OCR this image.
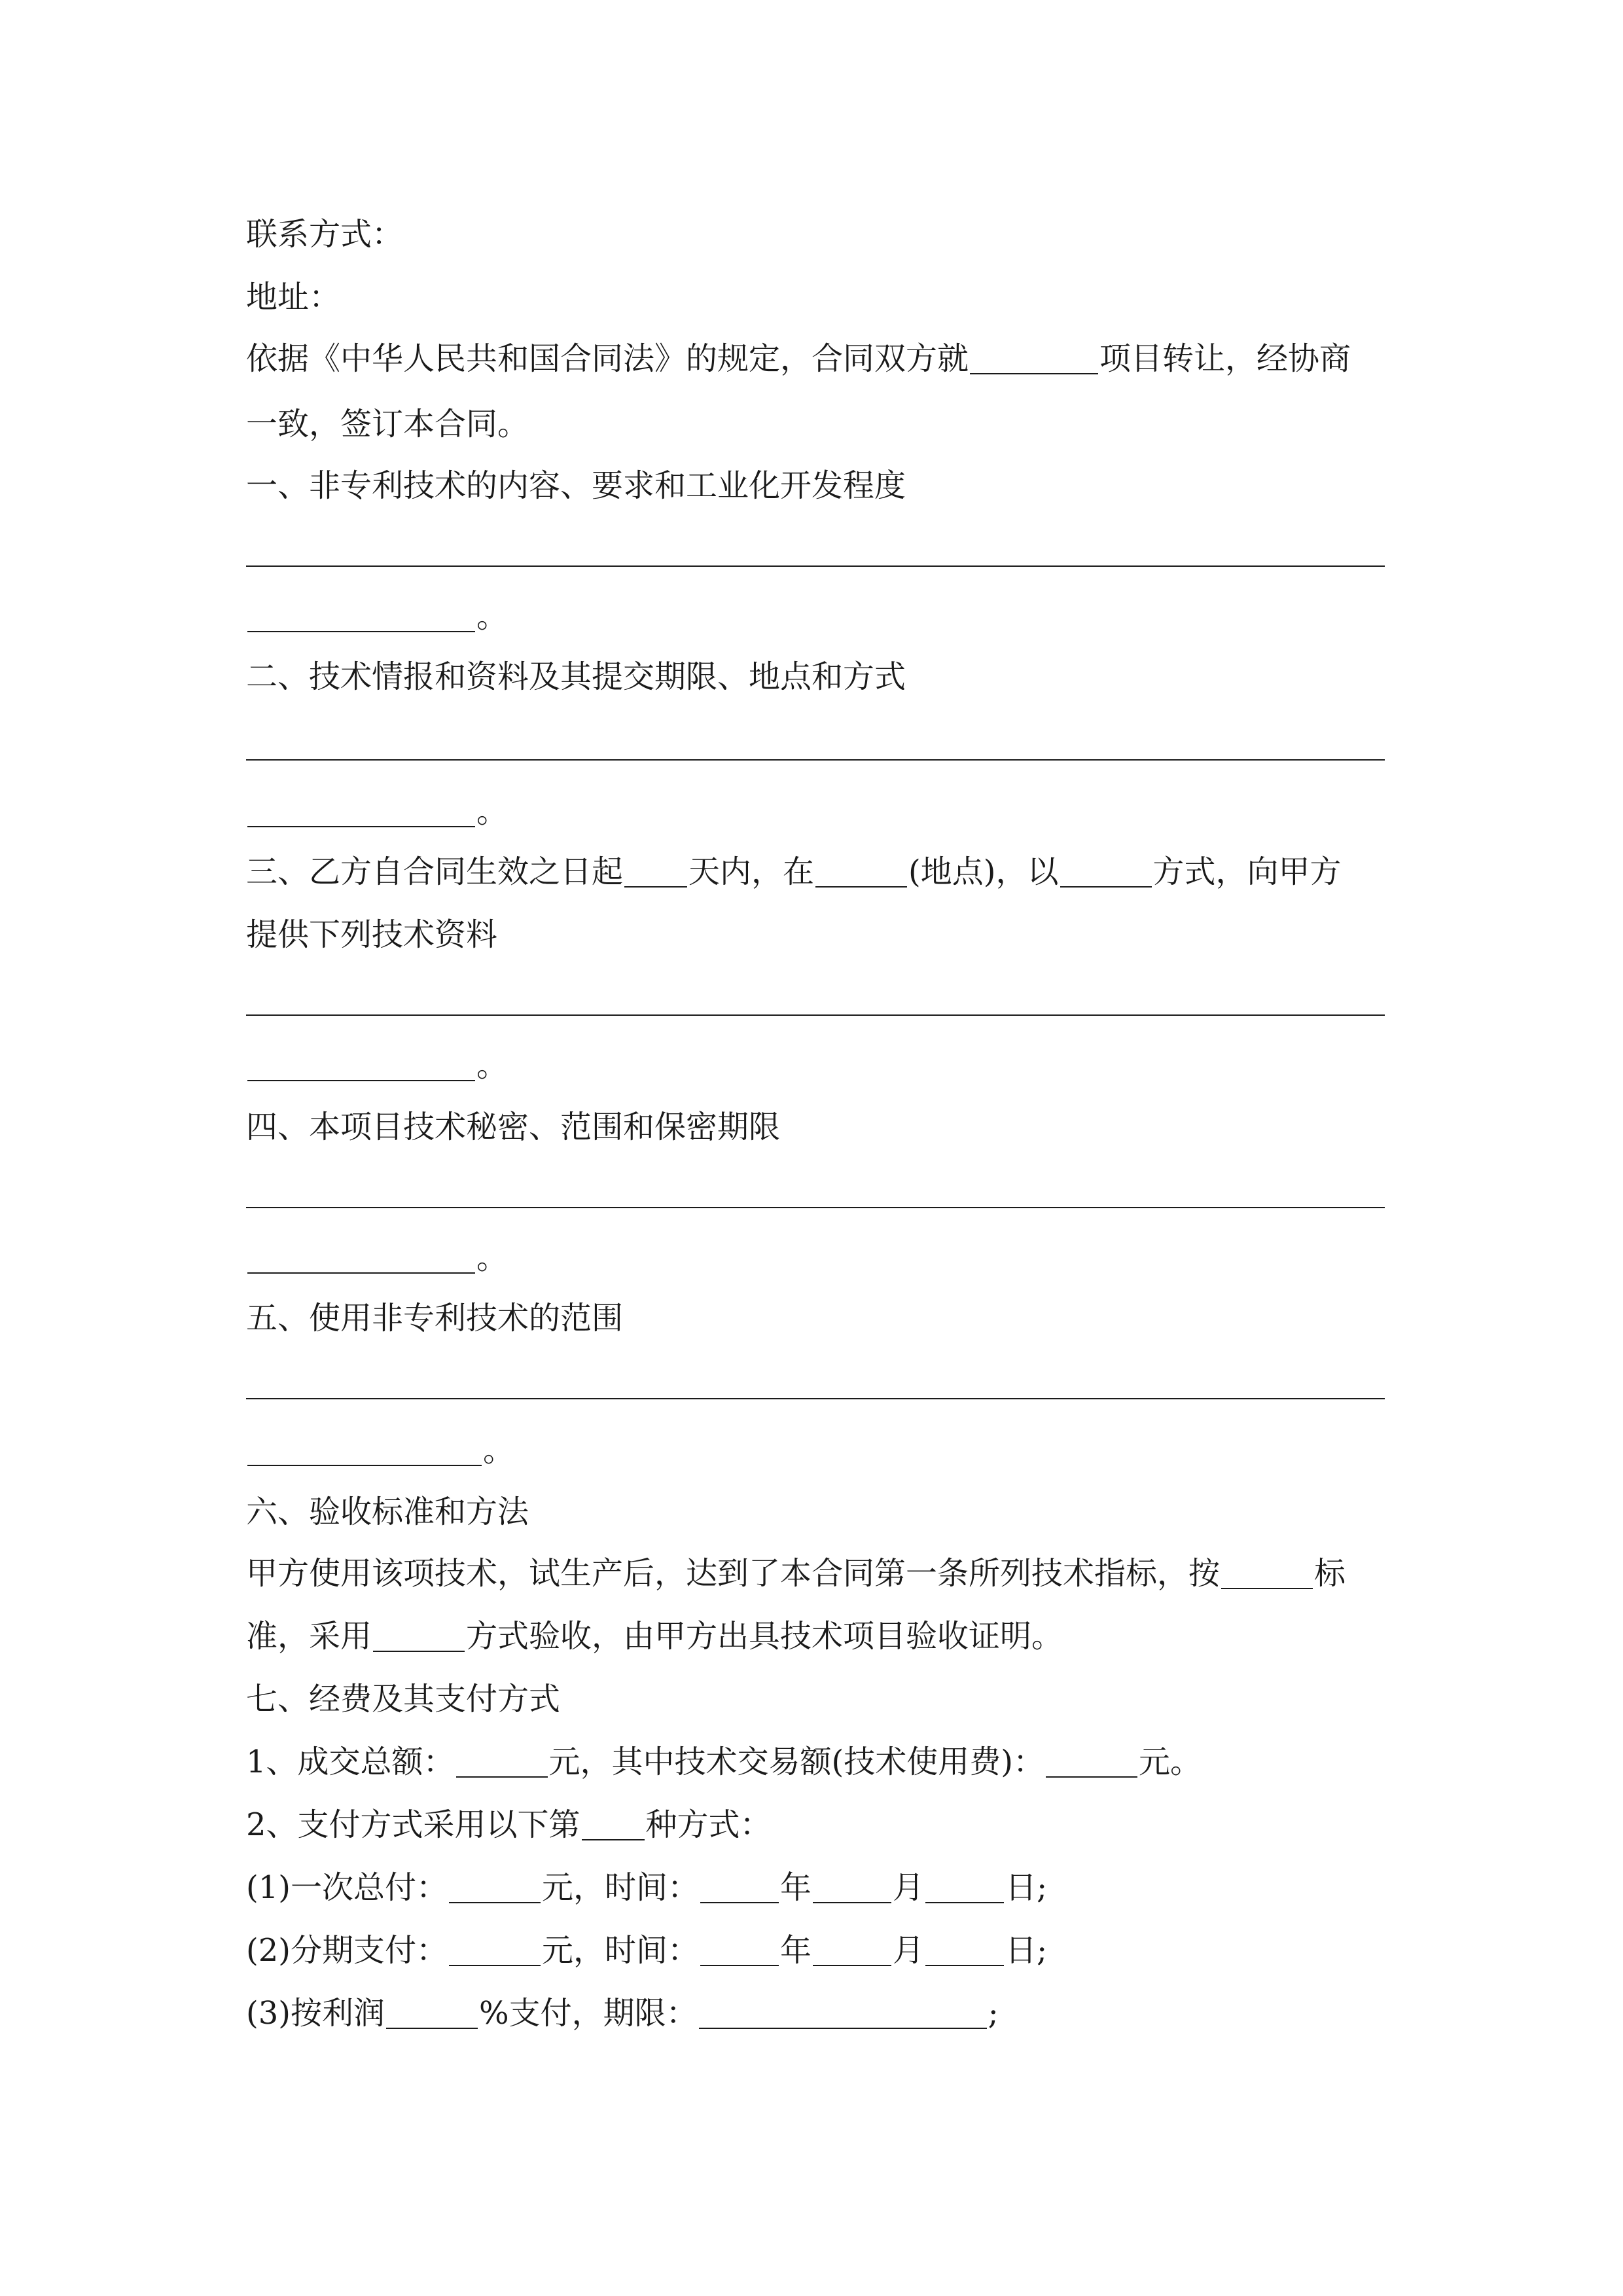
联系方式：
地址：
依据《中华人民共和国合同法》的规定，合同双方就	项目转让，经协商
一致，签订本合同。
一、非专利技术的内容、要求和工业化开发程度
。
二、技术情报和资料及其提交期限、地点和方式
。
三、乙方自合同生效之日起 天内，在	(地点)，以	方式，向甲方
提供下列技术资料
。
四、本项目技术秘密、范围和保密期限
。
五、使用非专利技术的范围
。
六、验收标准和方法
甲方使用该项技术，试生产后，达到了本合同第一条所列技术指标，按	标
准，采用	方式验收，由甲方出具技术项目验收证明。
七、经费及其支付方式
1、成交总额：	元，其中技术交易额(技术使用费)：	元。
2、支付方式采用以下第 种方式：
(1)一次总付：	元，时间：	年	月	日;
(2)分期支付：	元，时间：	年	月	日;
(3)按利润	%支付，期限：	;
